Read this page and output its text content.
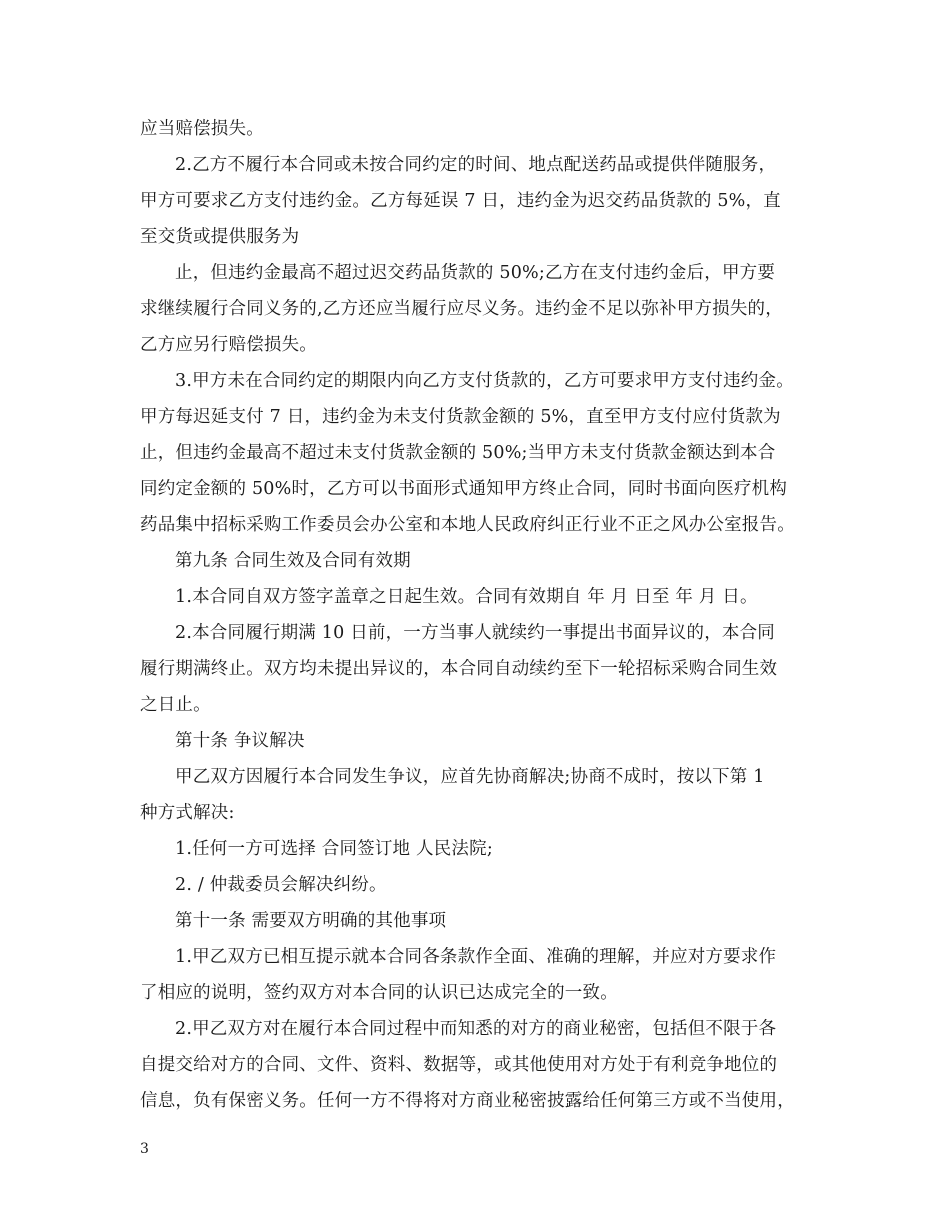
应当赔偿损失。
2.乙方不履行本合同或未按合同约定的时间、地点配送药品或提供伴随服务，
甲方可要求乙方支付违约金。乙方每延误 7 日，违约金为迟交药品货款的 5%，直
至交货或提供服务为
止，但违约金最高不超过迟交药品货款的 50%;乙方在支付违约金后，甲方要
求继续履行合同义务的,乙方还应当履行应尽义务。违约金不足以弥补甲方损失的，
乙方应另行赔偿损失。
3.甲方未在合同约定的期限内向乙方支付货款的，乙方可要求甲方支付违约金。
甲方每迟延支付 7 日，违约金为未支付货款金额的 5%，直至甲方支付应付货款为
止，但违约金最高不超过未支付货款金额的 50%;当甲方未支付货款金额达到本合
同约定金额的 50%时，乙方可以书面形式通知甲方终止合同，同时书面向医疗机构
药品集中招标采购工作委员会办公室和本地人民政府纠正行业不正之风办公室报告。
第九条 合同生效及合同有效期
1.本合同自双方签字盖章之日起生效。合同有效期自 年 月 日至 年 月 日。
2.本合同履行期满 10 日前，一方当事人就续约一事提出书面异议的，本合同
履行期满终止。双方均未提出异议的，本合同自动续约至下一轮招标采购合同生效
之日止。
第十条 争议解决
甲乙双方因履行本合同发生争议，应首先协商解决;协商不成时，按以下第 1
种方式解决:
1.任何一方可选择 合同签订地 人民法院;
2. / 仲裁委员会解决纠纷。
第十一条 需要双方明确的其他事项
1.甲乙双方已相互提示就本合同各条款作全面、准确的理解，并应对方要求作
了相应的说明，签约双方对本合同的认识已达成完全的一致。
2.甲乙双方对在履行本合同过程中而知悉的对方的商业秘密，包括但不限于各
自提交给对方的合同、文件、资料、数据等，或其他使用对方处于有利竞争地位的
信息，负有保密义务。任何一方不得将对方商业秘密披露给任何第三方或不当使用，
3
